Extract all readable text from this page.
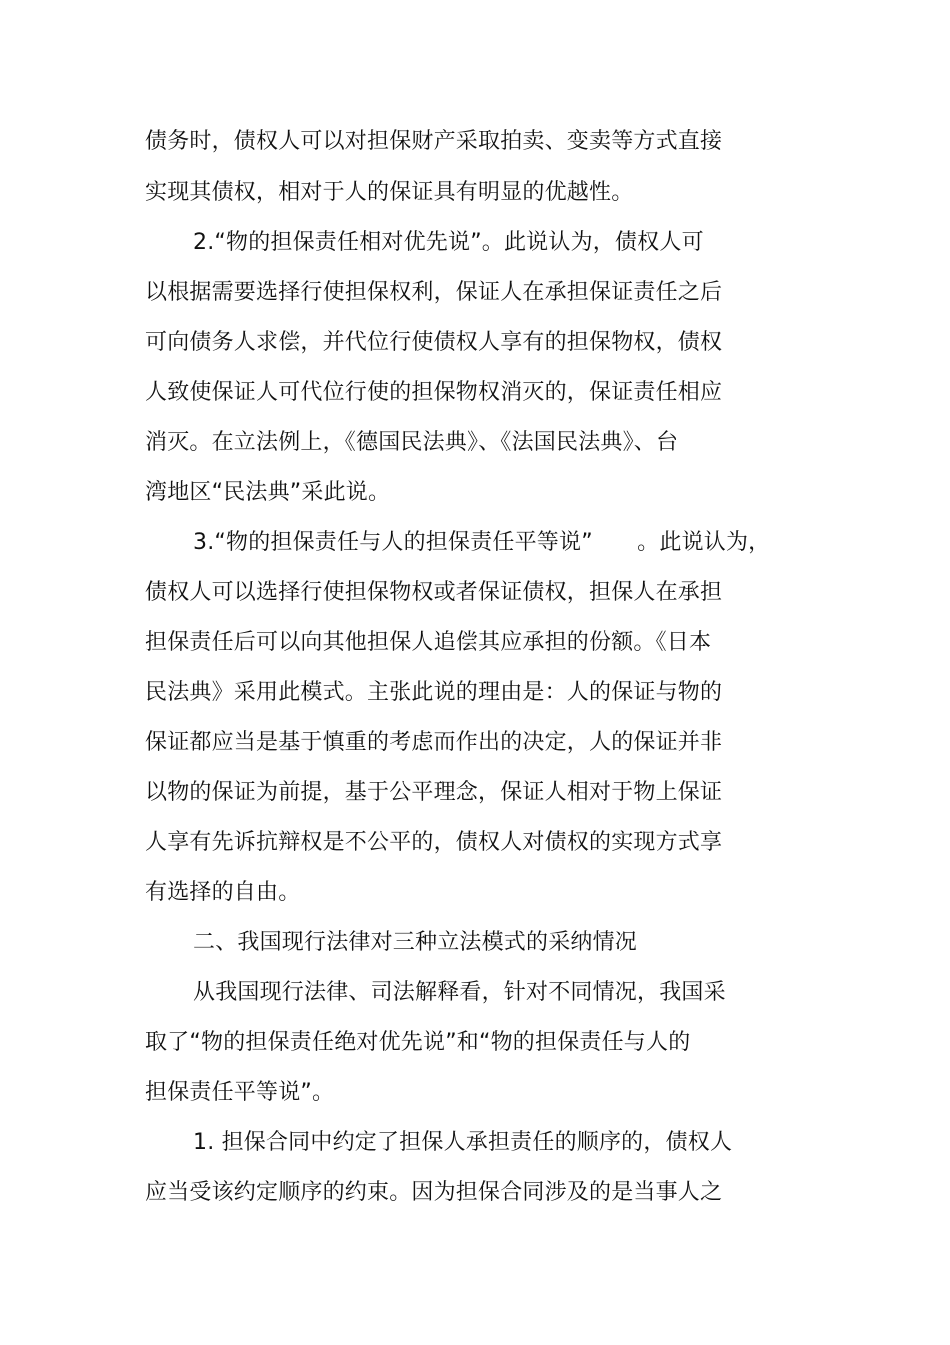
债务时，债权人可以对担保财产采取拍卖、变卖等方式直接
实现其债权，相对于人的保证具有明显的优越性。
2.“物的担保责任相对优先说”。此说认为，债权人可
以根据需要选择行使担保权利，保证人在承担保证责任之后
可向债务人求偿，并代位行使债权人享有的担保物权，债权
人致使保证人可代位行使的担保物权消灭的，保证责任相应
消灭。在立法例上，《德国民法典》、《法国民法典》、台
湾地区“民法典”采此说。
3.“物的担保责任与人的担保责任平等说”　　。此说认为，
债权人可以选择行使担保物权或者保证债权，担保人在承担
担保责任后可以向其他担保人追偿其应承担的份额。《日本
民法典》采用此模式。主张此说的理由是：人的保证与物的
保证都应当是基于慎重的考虑而作出的决定，人的保证并非
以物的保证为前提，基于公平理念，保证人相对于物上保证
人享有先诉抗辩权是不公平的，债权人对债权的实现方式享
有选择的自由。
二、我国现行法律对三种立法模式的采纳情况
从我国现行法律、司法解释看，针对不同情况，我国采
取了“物的担保责任绝对优先说”和“物的担保责任与人的
担保责任平等说”。
1. 担保合同中约定了担保人承担责任的顺序的，债权人
应当受该约定顺序的约束。因为担保合同涉及的是当事人之
